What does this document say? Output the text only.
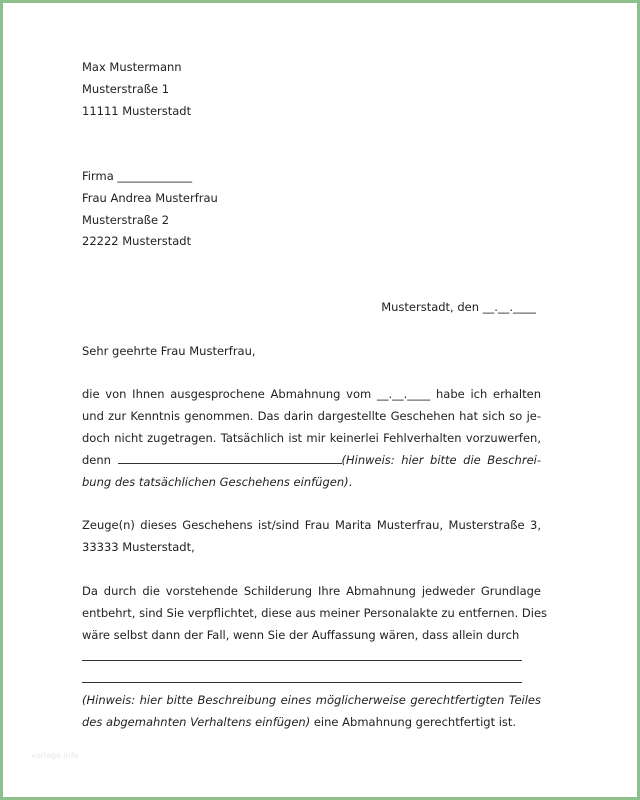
Max Mustermann
Musterstraße 1
11111 Musterstadt
Firma _____________
Frau Andrea Musterfrau
Musterstraße 2
22222 Musterstadt
Musterstadt, den __.__.____
Sehr geehrte Frau Musterfrau,
die von Ihnen ausgesprochene Abmahnung vom __.__.____ habe ich erhalten
und zur Kenntnis genommen. Das darin dargestellte Geschehen hat sich so je-
doch nicht zugetragen. Tatsächlich ist mir keinerlei Fehlverhalten vorzuwerfen,
denn	(Hinweis: hier bitte die Beschrei-
bung des tatsächlichen Geschehens einfügen).
Zeuge(n) dieses Geschehens ist/sind Frau Marita Musterfrau, Musterstraße 3,
33333 Musterstadt,
Da durch die vorstehende Schilderung Ihre Abmahnung jedweder Grundlage
entbehrt, sind Sie verpflichtet, diese aus meiner Personalakte zu entfernen. Dies
wäre selbst dann der Fall, wenn Sie der Auffassung wären, dass allein durch
(Hinweis: hier bitte Beschreibung eines möglicherweise gerechtfertigten Teiles
des abgemahnten Verhaltens einfügen) eine Abmahnung gerechtfertigt ist.
vorlage.info
